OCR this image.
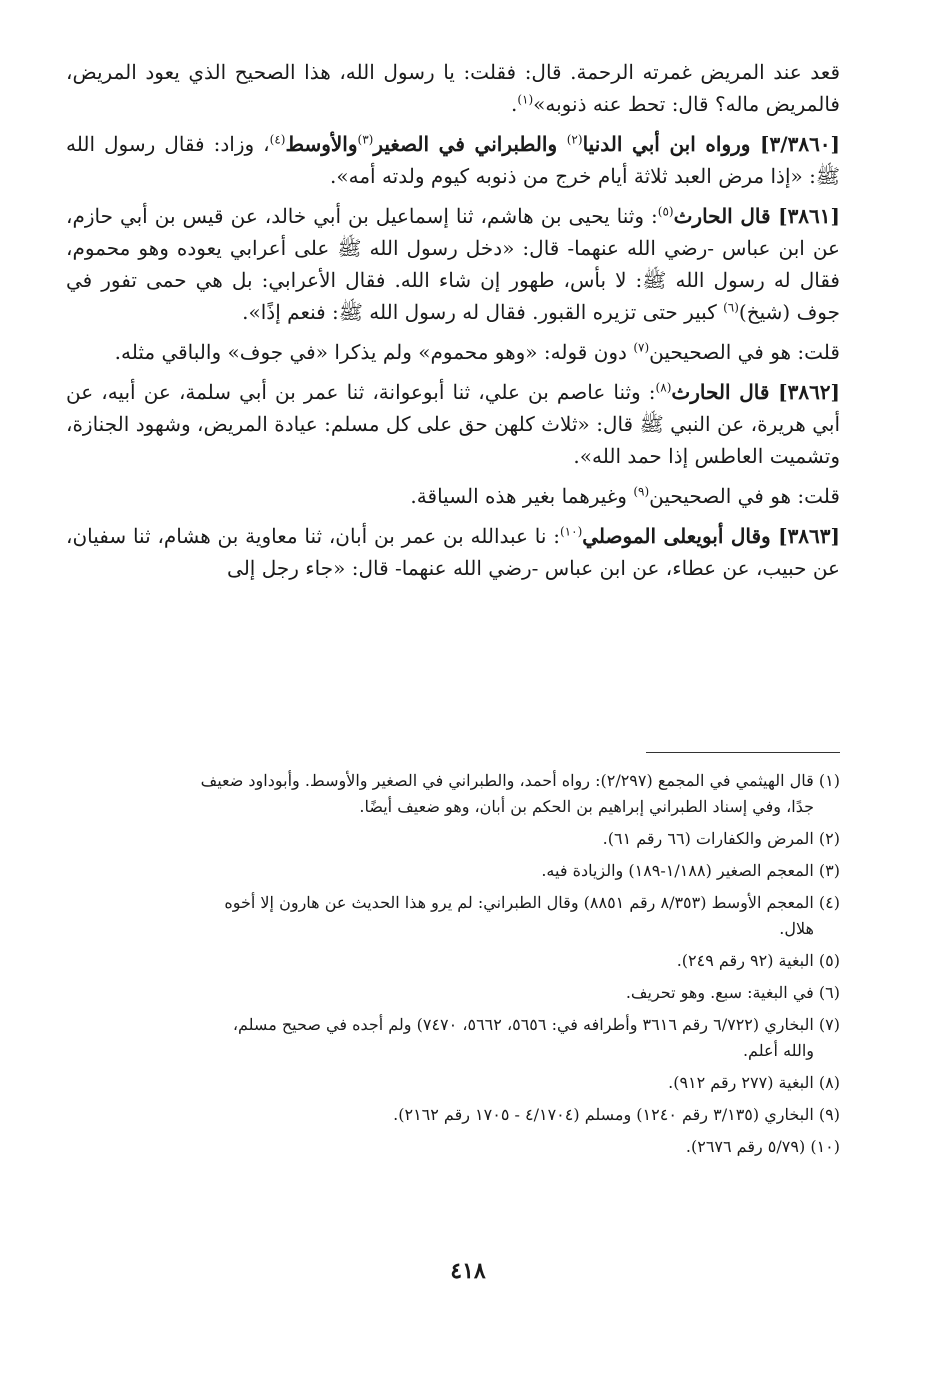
قعد عند المريض غمرته الرحمة. قال: فقلت: يا رسول الله، هذا الصحيح الذي يعود المريض، فالمريض ماله؟ قال: تحط عنه ذنوبه»$^{(١)}$.

[٣/٣٨٦٠] ورواه ابن أبي الدنيا$^{(٢)}$ والطبراني في الصغير$^{(٣)}$والأوسط$^{(٤)}$، وزاد: فقال رسول الله ﷺ: «إذا مرض العبد ثلاثة أيام خرج من ذنوبه كيوم ولدته أمه».

[٣٨٦١] قال الحارث$^{(٥)}$: وثنا يحيى بن هاشم، ثنا إسماعيل بن أبي خالد، عن قيس بن أبي حازم، عن ابن عباس -رضي الله عنهما- قال: «دخل رسول الله ﷺ على أعرابي يعوده وهو محموم، فقال له رسول الله ﷺ: لا بأس، طهور إن شاء الله. فقال الأعرابي: بل هي حمى تفور في جوف (شيخ)$^{(٦)}$ كبير حتى تزيره القبور. فقال له رسول الله ﷺ: فنعم إذًا».

قلت: هو في الصحيحين$^{(٧)}$ دون قوله: «وهو محموم» ولم يذكرا «في جوف» والباقي مثله.

[٣٨٦٢] قال الحارث$^{(٨)}$: وثنا عاصم بن علي، ثنا أبوعوانة، ثنا عمر بن أبي سلمة، عن أبيه، عن أبي هريرة، عن النبي ﷺ قال: «ثلاث كلهن حق على كل مسلم: عيادة المريض، وشهود الجنازة، وتشميت العاطس إذا حمد الله».

قلت: هو في الصحيحين$^{(٩)}$ وغيرهما بغير هذه السياقة.

[٣٨٦٣] وقال أبويعلى الموصلي$^{(١٠)}$: نا عبدالله بن عمر بن أبان، ثنا معاوية بن هشام، ثنا سفيان، عن حبيب، عن عطاء، عن ابن عباس -رضي الله عنهما- قال: «جاء رجل إلى

(١) قال الهيثمي في المجمع (٢/٢٩٧): رواه أحمد، والطبراني في الصغير والأوسط. وأبوداود ضعيف
جدًا، وفي إسناد الطبراني إبراهيم بن الحكم بن أبان، وهو ضعيف أيضًا.
(٢) المرض والكفارات (٦٦ رقم ٦١).
(٣) المعجم الصغير (١/١٨٨-١٨٩) والزيادة فيه.
(٤) المعجم الأوسط (٨/٣٥٣ رقم ٨٨٥١) وقال الطبراني: لم يرو هذا الحديث عن هارون إلا أخوه
هلال.
(٥) البغية (٩٢ رقم ٢٤٩).
(٦) في البغية: سبع. وهو تحريف.
(٧) البخاري (٦/٧٢٢ رقم ٣٦١٦ وأطرافه في: ٥٦٥٦، ٥٦٦٢، ٧٤٧٠) ولم أجده في صحيح مسلم،
والله أعلم.
(٨) البغية (٢٧٧ رقم ٩١٢).
(٩) البخاري (٣/١٣٥ رقم ١٢٤٠) ومسلم (٤/١٧٠٤ - ١٧٠٥ رقم ٢١٦٢).
(١٠) (٥/٧٩ رقم ٢٦٧٦).
٤١٨
